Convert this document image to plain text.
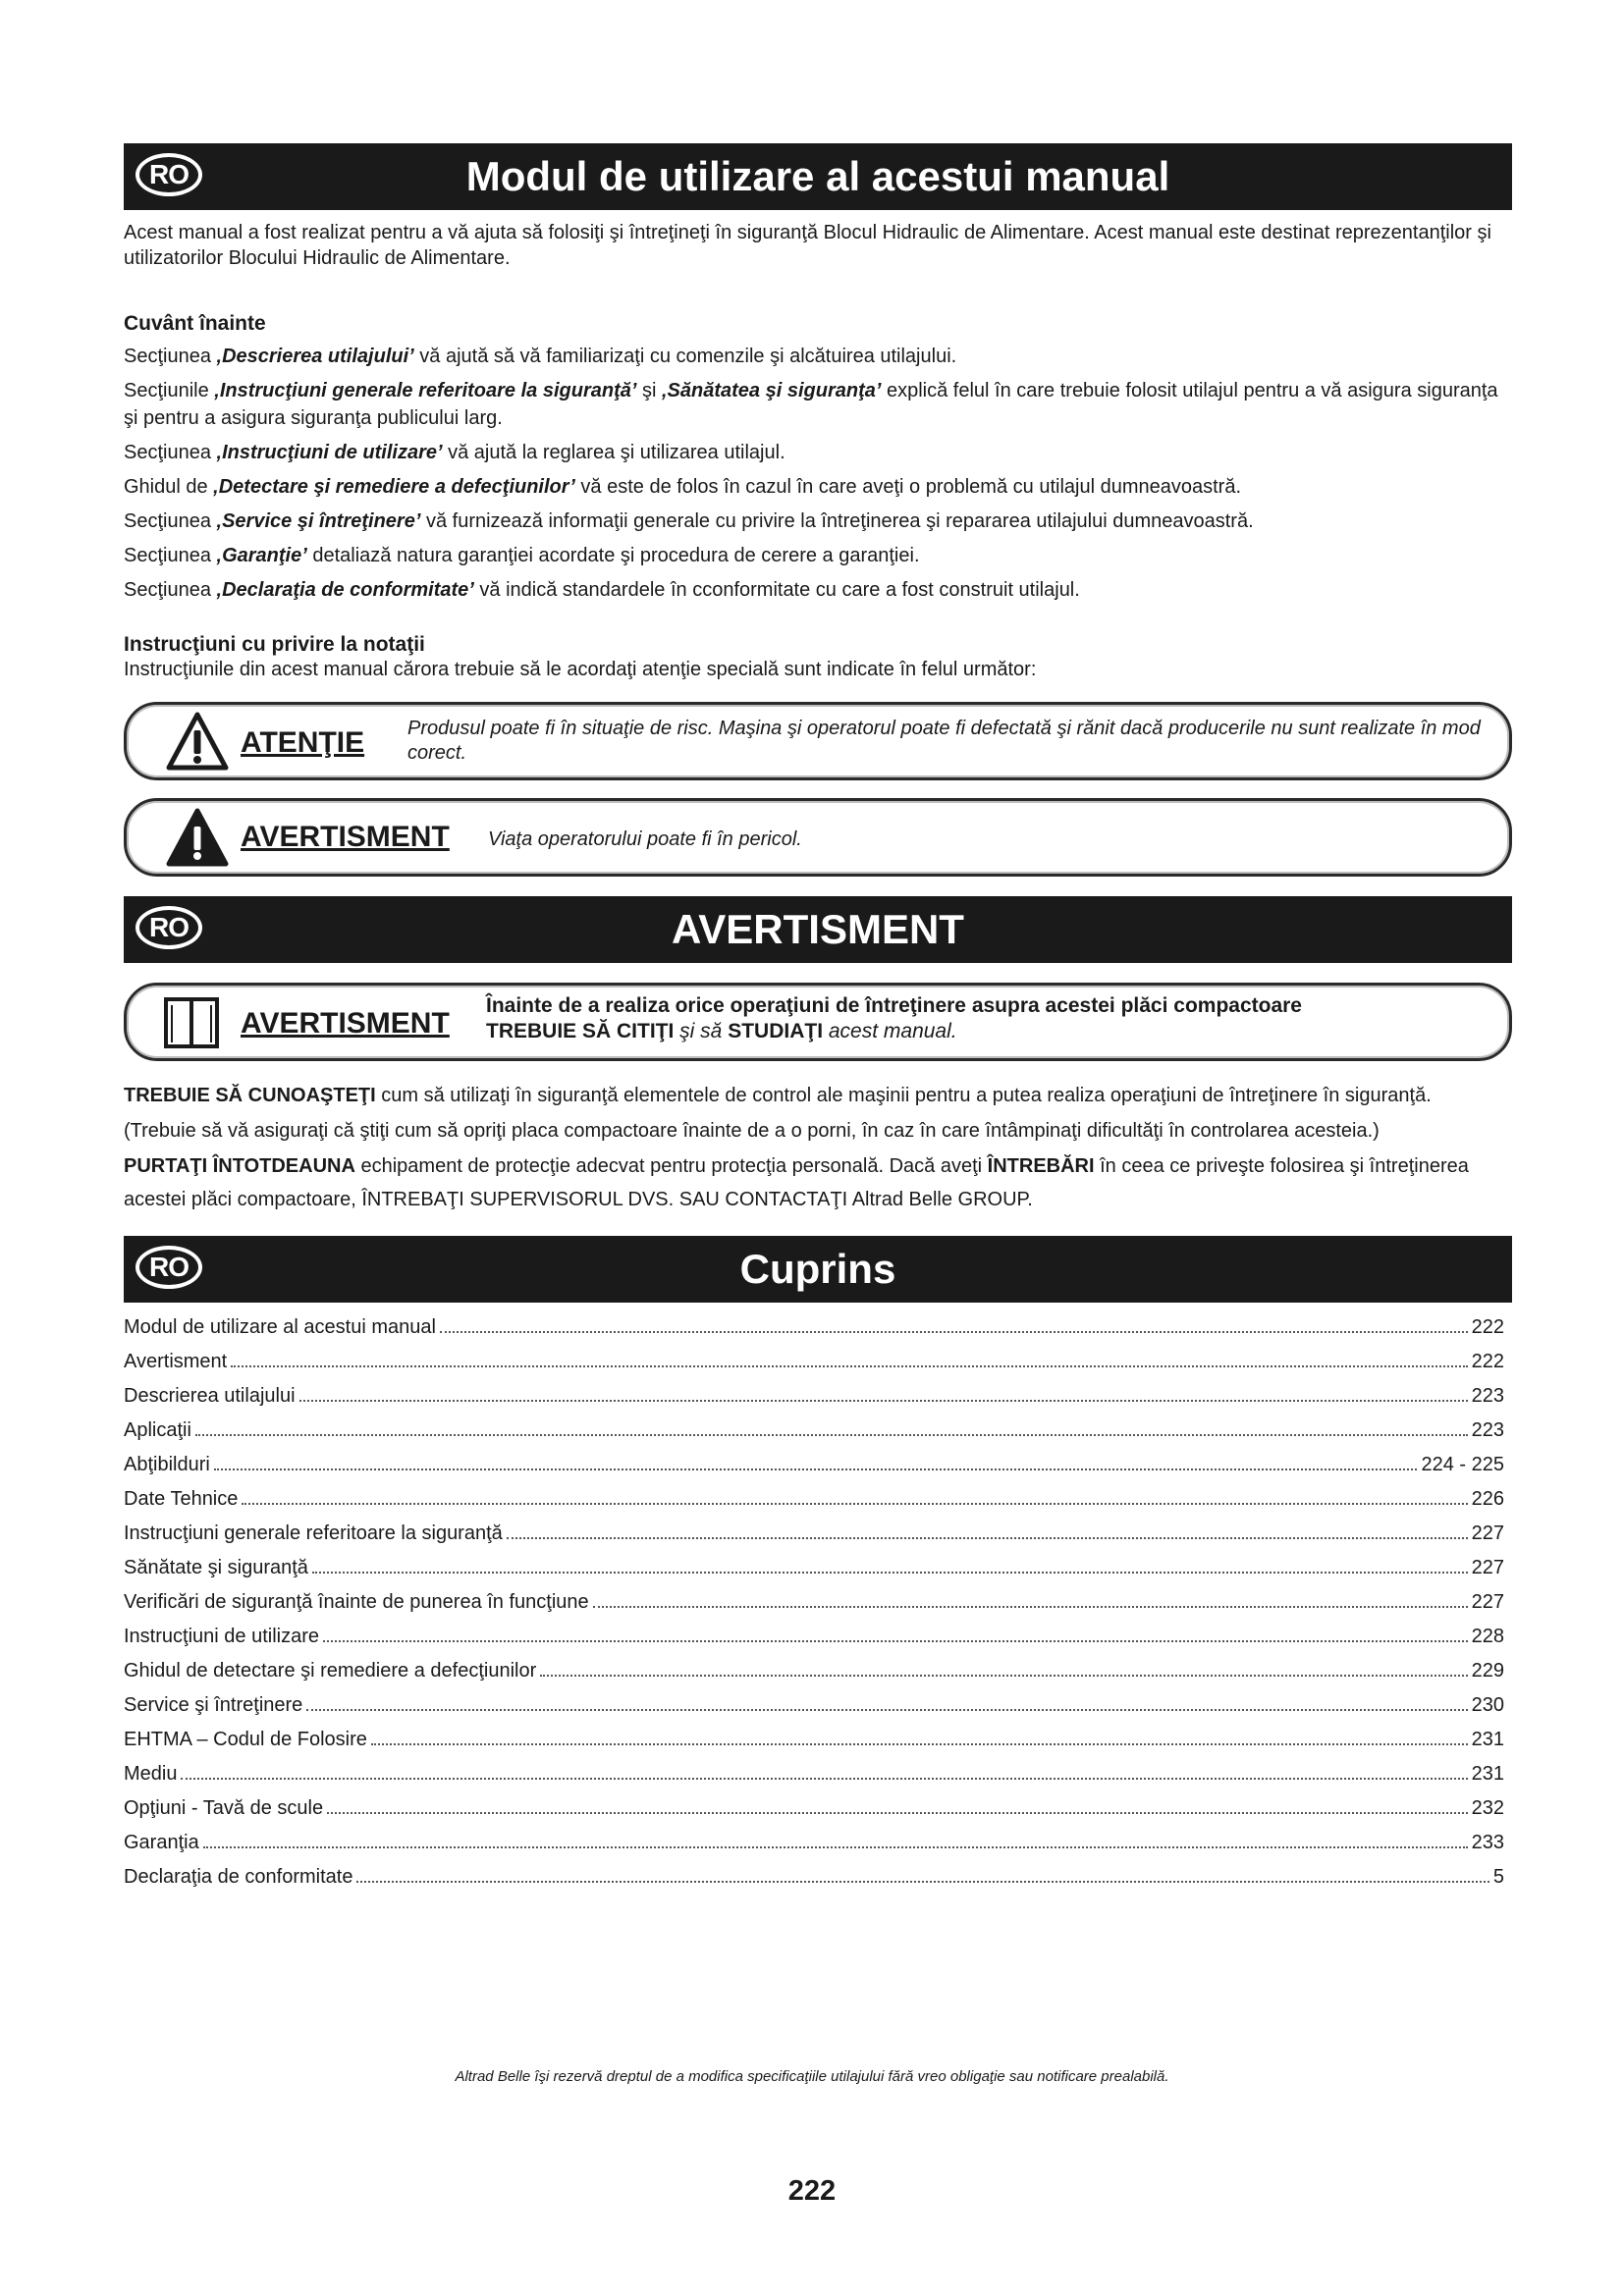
RO	Modul de utilizare al acestui manual

Acest manual a fost realizat pentru a vă ajuta să folosiţi şi întreţineţi în siguranţă Blocul Hidraulic de Alimentare. Acest manual este destinat reprezentanţilor şi utilizatorilor Blocului Hidraulic de Alimentare.

Cuvânt înainte

Secţiunea ‚Descrierea utilajului’ vă ajută să vă familiarizaţi cu comenzile şi alcătuirea utilajului.

Secţiunile ‚Instrucţiuni generale referitoare la siguranţă’ şi ‚Sănătatea şi siguranţa’ explică felul în care trebuie folosit utilajul pentru a vă asigura siguranţa şi pentru a asigura siguranţa publicului larg.

Secţiunea ‚Instrucţiuni de utilizare’ vă ajută la reglarea şi utilizarea utilajul.

Ghidul de ‚Detectare şi remediere a defecţiunilor’ vă este de folos în cazul în care aveţi o problemă cu utilajul dumneavoastră.

Secţiunea ‚Service şi întreţinere’ vă furnizează informaţii generale cu privire la întreţinerea şi repararea utilajului dumneavoastră.

Secţiunea ‚Garanţie’ detaliază natura garanţiei acordate şi procedura de cerere a garanţiei.

Secţiunea ‚Declaraţia de conformitate’ vă indică standardele în cconformitate cu care a fost construit utilajul.

Instrucţiuni cu privire la notaţii

Instrucţiunile din acest manual cărora trebuie să le acordaţi atenţie specială sunt indicate în felul următor:

ATENŢIE Produsul poate fi în situaţie de risc. Maşina şi operatorul poate fi defectată şi rănit dacă producerile nu sunt realizate în mod corect.
AVERTISMENT Viaţa operatorului poate fi în pericol.
RO	AVERTISMENT
AVERTISMENT
Înainte de a realiza orice operaţiuni de întreţinere asupra acestei plăci compactoare
TREBUIE SĂ CITIŢI şi să STUDIAŢI acest manual.

TREBUIE SĂ CUNOAŞTEŢI cum să utilizaţi în siguranţă elementele de control ale maşinii pentru a putea realiza operaţiuni de întreţinere în siguranţă.

(Trebuie să vă asiguraţi că ştiţi cum să opriţi placa compactoare înainte de a o porni, în caz în care întâmpinaţi dificultăţi în controlarea acesteia.)

PURTAŢI ÎNTOTDEAUNA echipament de protecţie adecvat pentru protecţia personală. Dacă aveţi ÎNTREBĂRI în ceea ce priveşte folosirea şi întreţinerea acestei plăci compactoare, ÎNTREBAŢI SUPERVISORUL DVS. SAU CONTACTAŢI Altrad Belle GROUP.

RO	Cuprins
Modul de utilizare al acestui manual	222
Avertisment	222
Descrierea utilajului	223
Aplicaţii	223
Abţibilduri	224 - 225
Date Tehnice	226
Instrucţiuni generale referitoare la siguranţă	227
Sănătate şi siguranţă	227
Verificări de siguranţă înainte de punerea în funcţiune	227
Instrucţiuni de utilizare	228
Ghidul de detectare şi remediere a defecţiunilor	229
Service şi întreţinere	230
EHTMA – Codul de Folosire	231
Mediu	231
Opţiuni - Tavă de scule	232
Garanţia	233
Declaraţia de conformitate	5
Altrad Belle îşi rezervă dreptul de a modifica specificaţiile utilajului fără vreo obligaţie sau notificare prealabilă.
222
